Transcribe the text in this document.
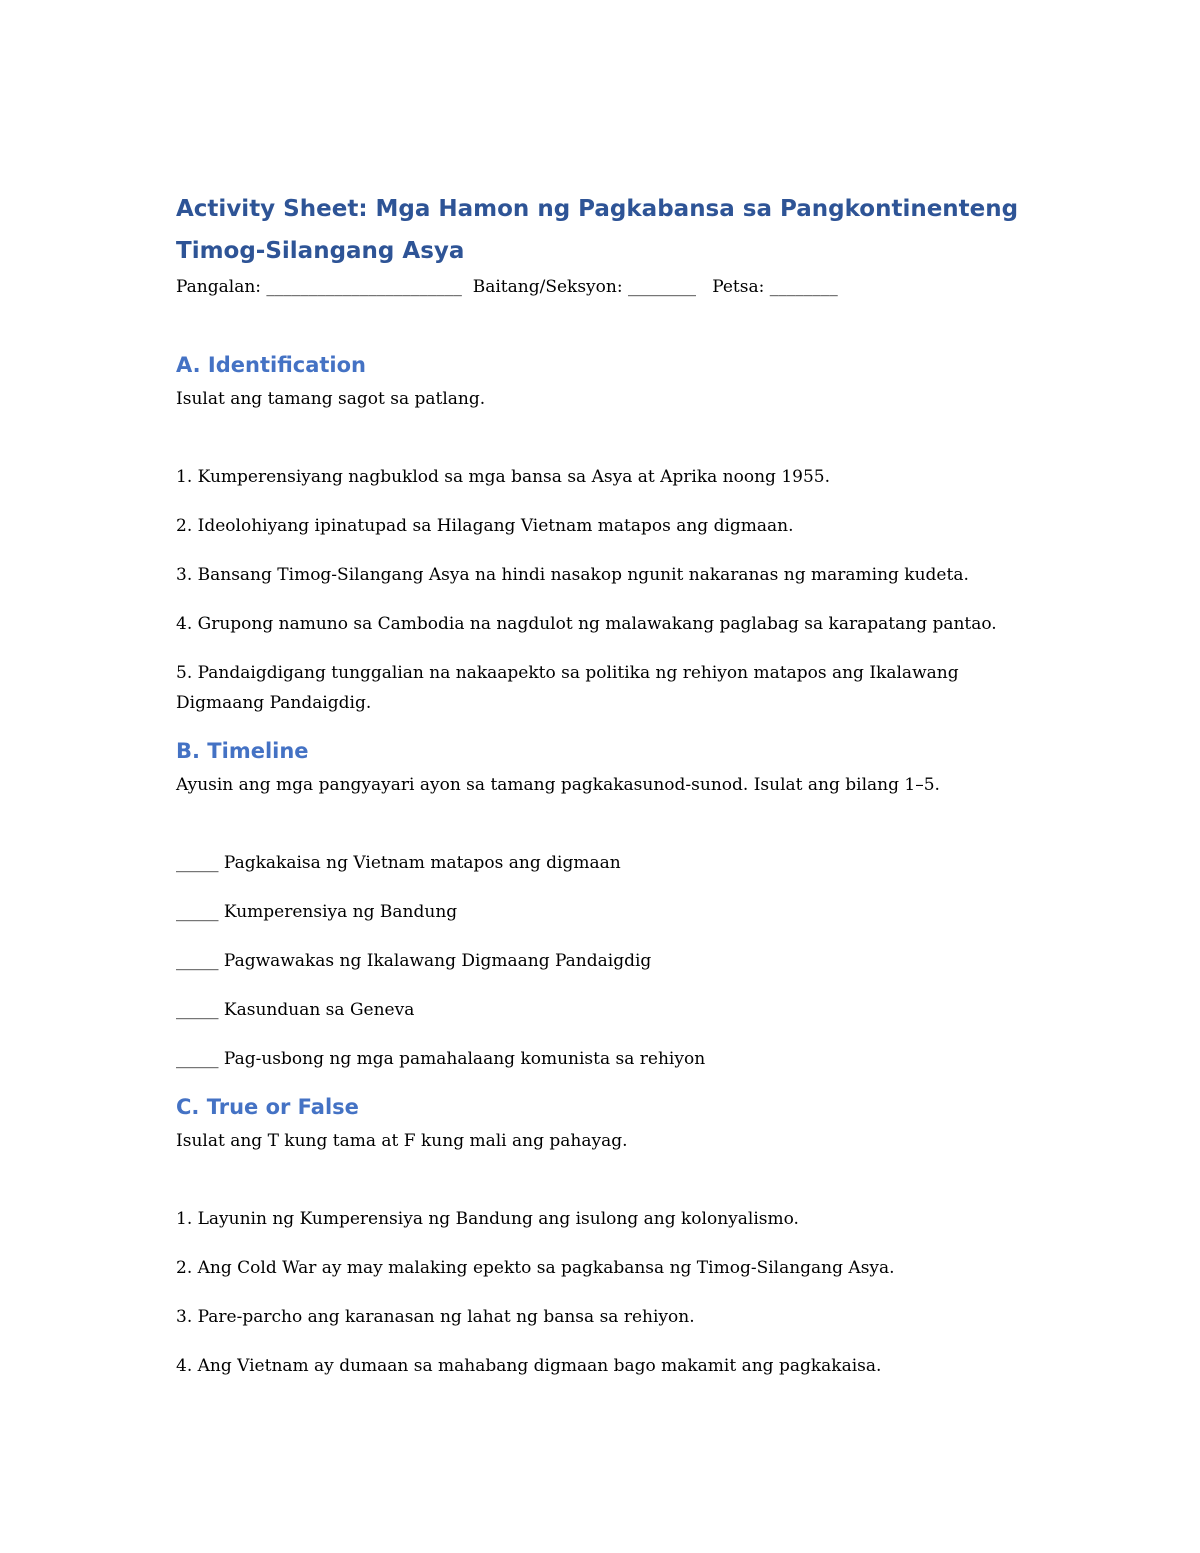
Activity Sheet: Mga Hamon ng Pagkabansa sa Pangkontinenteng Timog-Silangang Asya

Pangalan: _______________________  Baitang/Seksyon: ________   Petsa: ________

A. Identification

Isulat ang tamang sagot sa patlang.

1. Kumperensiyang nagbuklod sa mga bansa sa Asya at Aprika noong 1955.

2. Ideolohiyang ipinatupad sa Hilagang Vietnam matapos ang digmaan.

3. Bansang Timog-Silangang Asya na hindi nasakop ngunit nakaranas ng maraming kudeta.

4. Grupong namuno sa Cambodia na nagdulot ng malawakang paglabag sa karapatang pantao.

5. Pandaigdigang tunggalian na nakaapekto sa politika ng rehiyon matapos ang Ikalawang Digmaang Pandaigdig.

B. Timeline

Ayusin ang mga pangyayari ayon sa tamang pagkakasunod-sunod. Isulat ang bilang 1–5.

_____ Pagkakaisa ng Vietnam matapos ang digmaan

_____ Kumperensiya ng Bandung

_____ Pagwawakas ng Ikalawang Digmaang Pandaigdig

_____ Kasunduan sa Geneva

_____ Pag-usbong ng mga pamahalaang komunista sa rehiyon

C. True or False

Isulat ang T kung tama at F kung mali ang pahayag.

1. Layunin ng Kumperensiya ng Bandung ang isulong ang kolonyalismo.

2. Ang Cold War ay may malaking epekto sa pagkabansa ng Timog-Silangang Asya.

3. Pare-parcho ang karanasan ng lahat ng bansa sa rehiyon.

4. Ang Vietnam ay dumaan sa mahabang digmaan bago makamit ang pagkakaisa.
